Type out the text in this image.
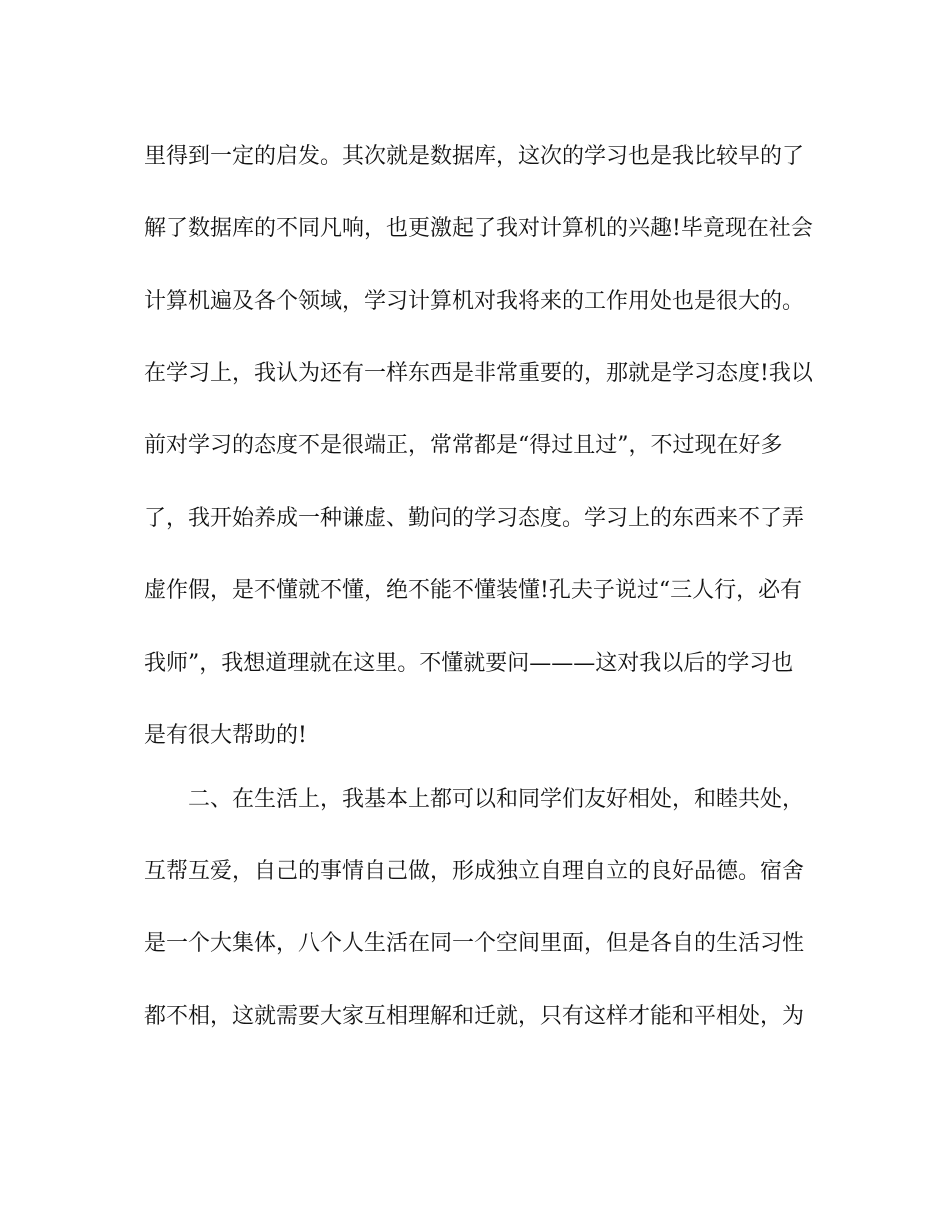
里得到一定的启发。其次就是数据库，这次的学习也是我比较早的了

解了数据库的不同凡响，也更激起了我对计算机的兴趣!毕竟现在社会

计算机遍及各个领域，学习计算机对我将来的工作用处也是很大的。

在学习上，我认为还有一样东西是非常重要的，那就是学习态度!我以

前对学习的态度不是很端正，常常都是“得过且过”，不过现在好多

了，我开始养成一种谦虚、勤问的学习态度。学习上的东西来不了弄

虚作假，是不懂就不懂，绝不能不懂装懂!孔夫子说过“三人行，必有

我师”，我想道理就在这里。不懂就要问———这对我以后的学习也

是有很大帮助的!

二、在生活上，我基本上都可以和同学们友好相处，和睦共处，

互帮互爱，自己的事情自己做，形成独立自理自立的良好品德。宿舍

是一个大集体，八个人生活在同一个空间里面，但是各自的生活习性

都不相，这就需要大家互相理解和迁就，只有这样才能和平相处，为
